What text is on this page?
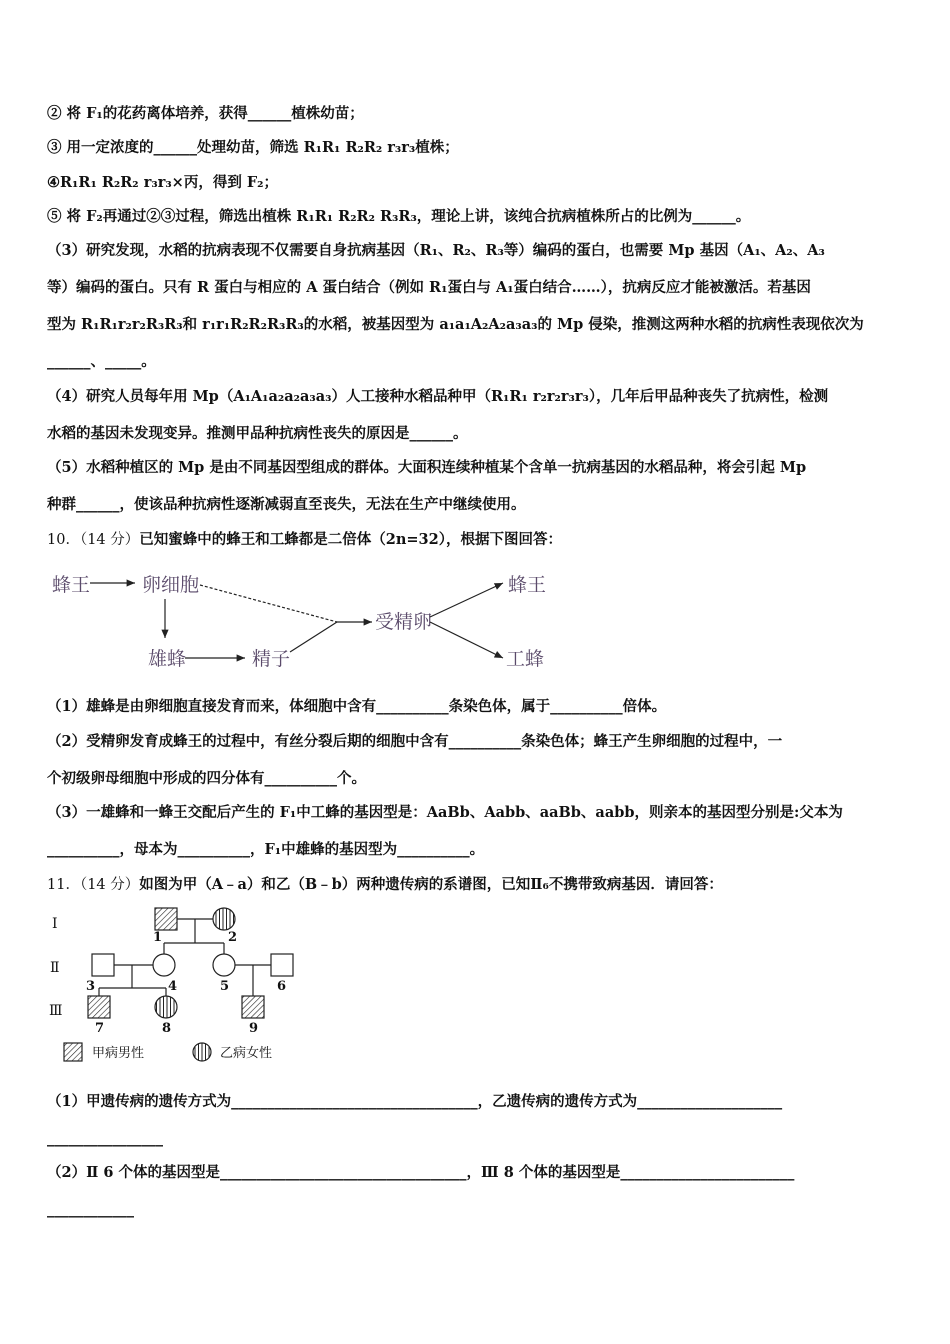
② 将 F₁的花药离体培养，获得______植株幼苗；
③ 用一定浓度的______处理幼苗，筛选 R₁R₁ R₂R₂ r₃r₃植株；
④R₁R₁ R₂R₂ r₃r₃×丙，得到 F₂；
⑤ 将 F₂再通过②③过程，筛选出植株 R₁R₁ R₂R₂ R₃R₃，理论上讲，该纯合抗病植株所占的比例为______。
（3）研究发现，水稻的抗病表现不仅需要自身抗病基因（R₁、R₂、R₃等）编码的蛋白，也需要 Mp 基因（A₁、A₂、A₃
等）编码的蛋白。只有 R 蛋白与相应的 A 蛋白结合（例如 R₁蛋白与 A₁蛋白结合……），抗病反应才能被激活。若基因
型为 R₁R₁r₂r₂R₃R₃和 r₁r₁R₂R₂R₃R₃的水稻，被基因型为 a₁a₁A₂A₂a₃a₃的 Mp 侵染，推测这两种水稻的抗病性表现依次为
______、_____。
（4）研究人员每年用 Mp（A₁A₁a₂a₂a₃a₃）人工接种水稻品种甲（R₁R₁ r₂r₂r₃r₃），几年后甲品种丧失了抗病性，检测
水稻的基因未发现变异。推测甲品种抗病性丧失的原因是______。
（5）水稻种植区的 Mp 是由不同基因型组成的群体。大面积连续种植某个含单一抗病基因的水稻品种，将会引起 Mp
种群______，使该品种抗病性逐渐减弱直至丧失，无法在生产中继续使用。
10．（14 分）已知蜜蜂中的蜂王和工蜂都是二倍体（2n=32），根据下图回答：
蜂王	卵细胞
雄蜂	精子
受精卵
蜂王
工蜂
（1）雄蜂是由卵细胞直接发育而来，体细胞中含有__________条染色体，属于__________倍体。
（2）受精卵发育成蜂王的过程中，有丝分裂后期的细胞中含有__________条染色体；蜂王产生卵细胞的过程中，一
个初级卵母细胞中形成的四分体有__________个。
（3）一雄蜂和一蜂王交配后产生的 F₁中工蜂的基因型是：AaBb、Aabb、aaBb、aabb，则亲本的基因型分别是:父本为
__________，母本为__________，F₁中雄蜂的基因型为__________。
11．（14 分）如图为甲（A﹣a）和乙（B﹣b）两种遗传病的系谱图，已知Ⅱ₆不携带致病基因．请回答：
Ⅰ
Ⅱ
Ⅲ
1	2
3	4	5	6
7	8	9
甲病男性	乙病女性
（1）甲遗传病的遗传方式为__________________________________，乙遗传病的遗传方式为____________________
________________
（2）Ⅱ 6 个体的基因型是__________________________________，Ⅲ 8 个体的基因型是________________________
____________
